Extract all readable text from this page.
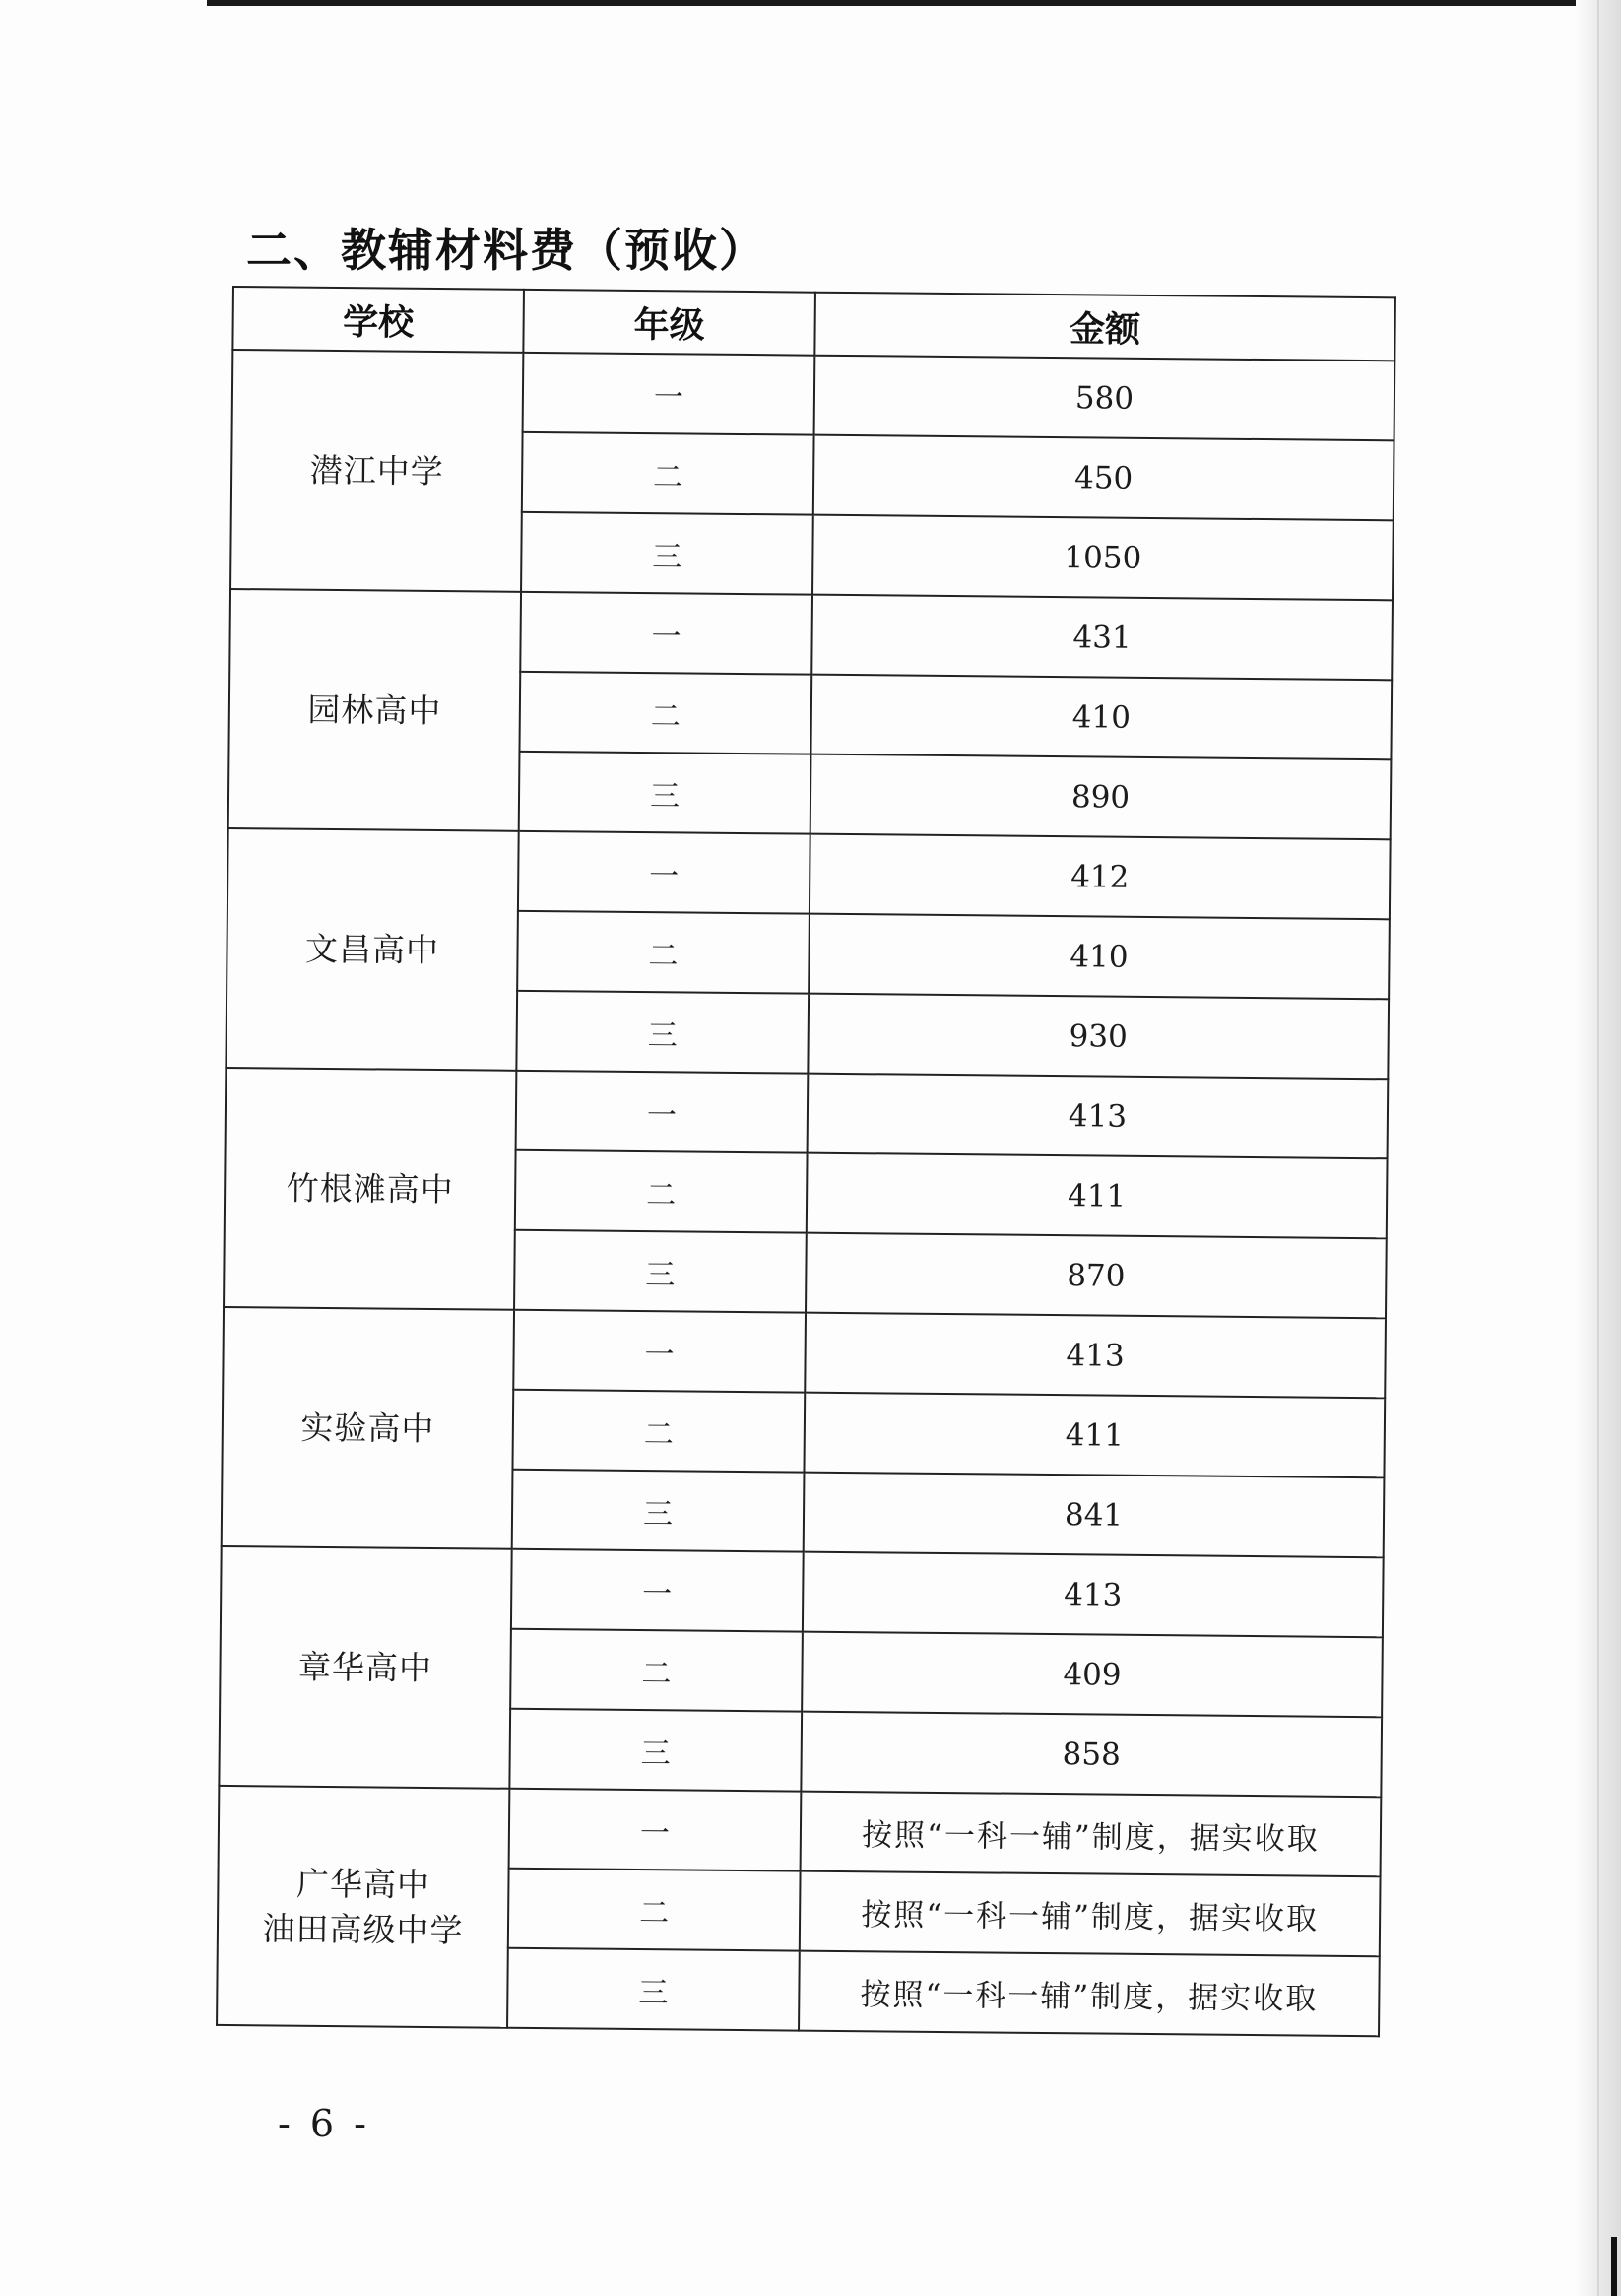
二、教辅材料费（预收）
学校	年级	金额
潜江中学	一	580
	二	450
	三	1050
园林高中	一	431
	二	410
	三	890
文昌高中	一	412
	二	410
	三	930
竹根滩高中	一	413
	二	411
	三	870
实验高中	一	413
	二	411
	三	841
章华高中	一	413
	二	409
	三	858

广华高中
油田高级中学	一	按照“一科一辅”制度，据实收取
	二	按照“一科一辅”制度，据实收取
	三	按照“一科一辅”制度，据实收取
- 6 -
